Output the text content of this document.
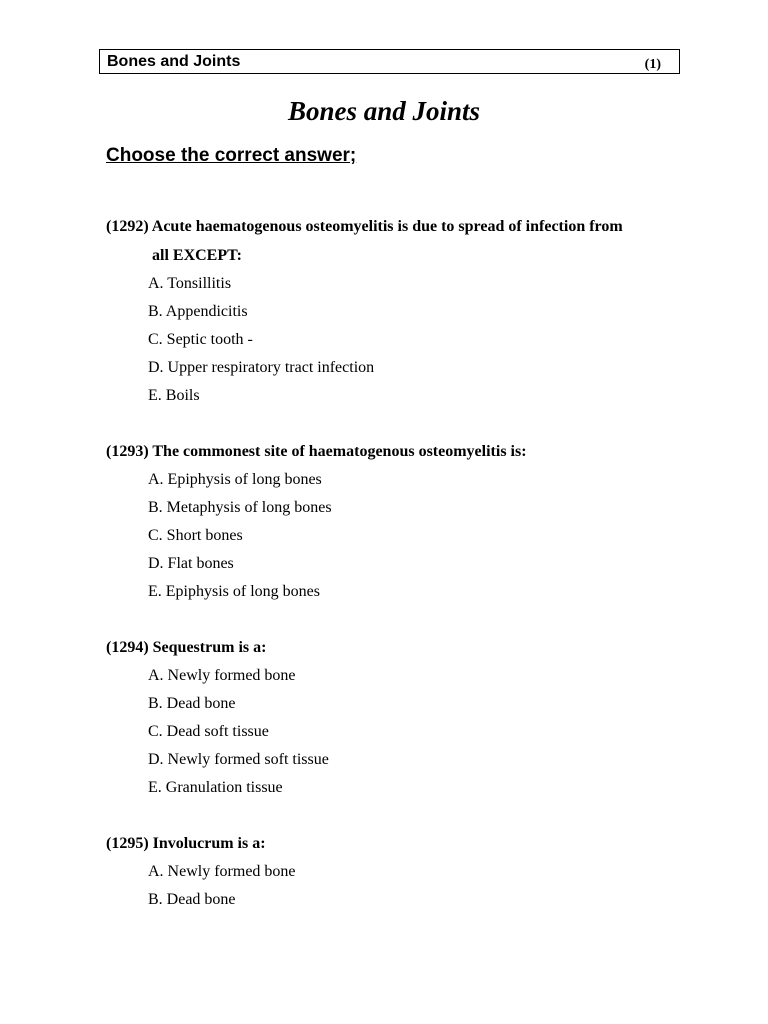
Bones and Joints	(1)
Bones and Joints
Choose the correct answer;
(1292) Acute haematogenous osteomyelitis is due to spread of infection from
all EXCEPT:
A. Tonsillitis
B. Appendicitis
C. Septic tooth -
D. Upper respiratory tract infection
E. Boils
(1293) The commonest site of haematogenous osteomyelitis is:
A. Epiphysis of long bones
B. Metaphysis of long bones
C. Short bones
D. Flat bones
E. Epiphysis of long bones
(1294) Sequestrum is a:
A. Newly formed bone
B. Dead bone
C. Dead soft tissue
D. Newly formed soft tissue
E. Granulation tissue
(1295) Involucrum is a:
A. Newly formed bone
B. Dead bone
